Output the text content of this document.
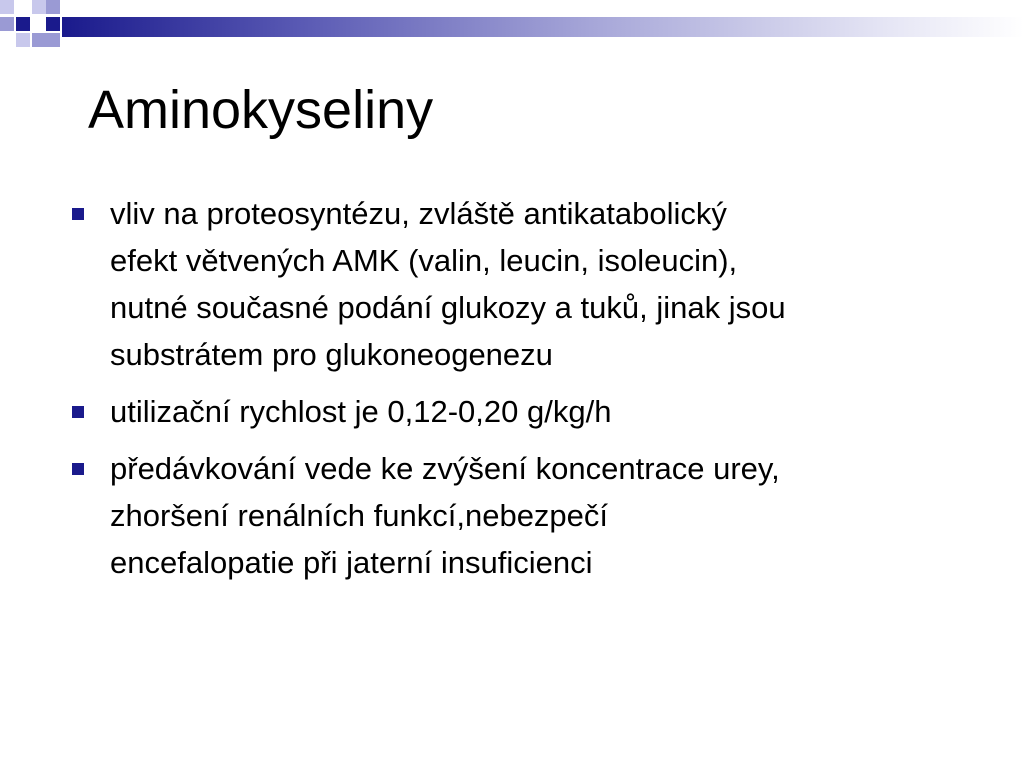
Aminokyseliny
vliv na proteosyntézu, zvláště antikatabolický
efekt větvených AMK (valin, leucin, isoleucin),
nutné současné podání glukozy a tuků, jinak jsou
substrátem pro glukoneogenezu
utilizační rychlost je 0,12-0,20 g/kg/h
předávkování vede ke zvýšení koncentrace urey,
zhoršení renálních funkcí,nebezpečí
encefalopatie při jaterní insuficienci
